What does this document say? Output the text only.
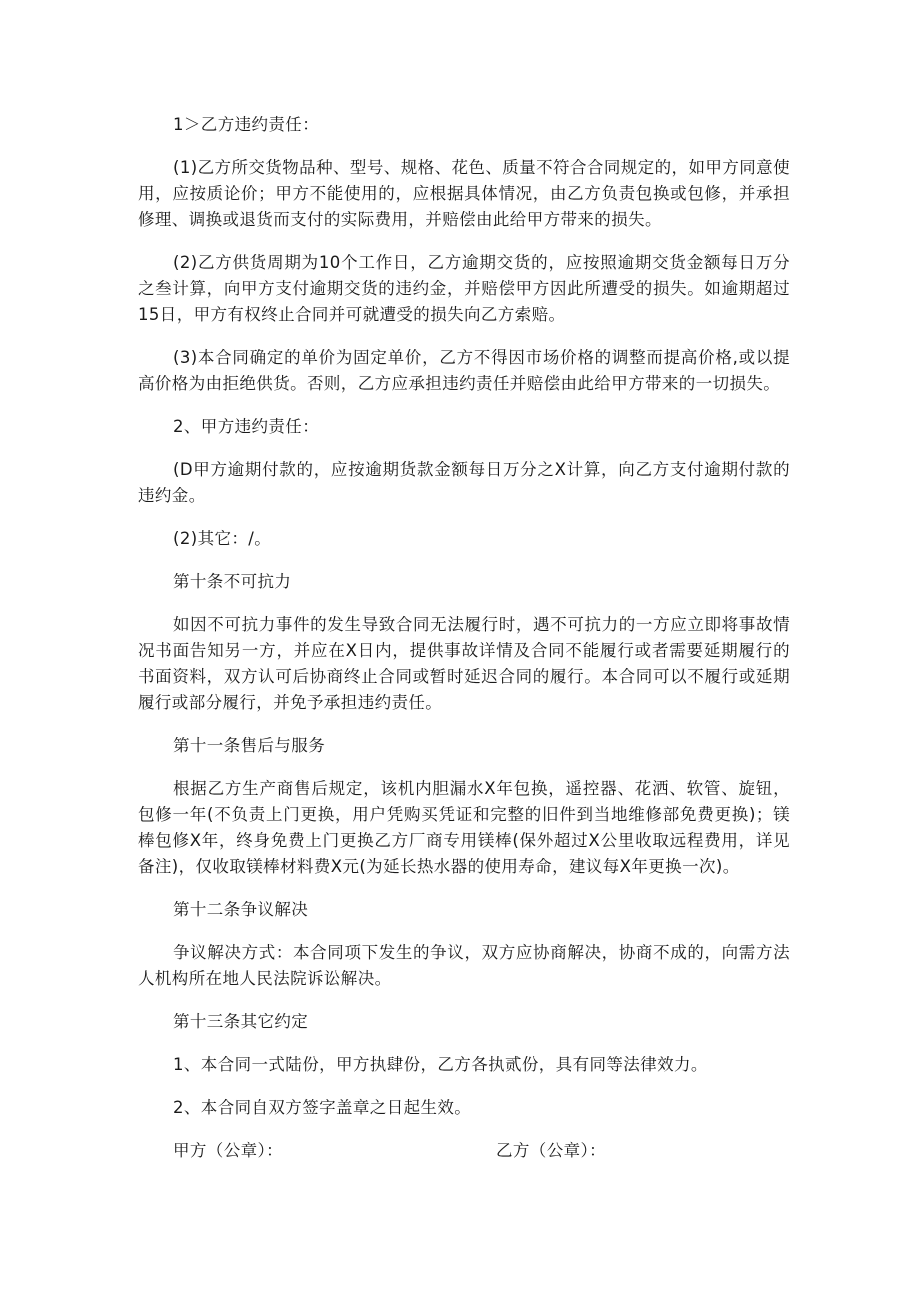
1＞乙方违约责任：

(1)乙方所交货物品种、型号、规格、花色、质量不符合合同规定的，如甲方同意使用，应按质论价；甲方不能使用的，应根据具体情况，由乙方负责包换或包修，并承担修理、调换或退货而支付的实际费用，并赔偿由此给甲方带来的损失。

(2)乙方供货周期为10个工作日，乙方逾期交货的，应按照逾期交货金额每日万分之叁计算，向甲方支付逾期交货的违约金，并赔偿甲方因此所遭受的损失。如逾期超过15日，甲方有权终止合同并可就遭受的损失向乙方索赔。

(3)本合同确定的单价为固定单价，乙方不得因市场价格的调整而提高价格,或以提高价格为由拒绝供货。否则，乙方应承担违约责任并赔偿由此给甲方带来的一切损失。

2、甲方违约责任：

(D甲方逾期付款的，应按逾期货款金额每日万分之X计算，向乙方支付逾期付款的违约金。

(2)其它：/。

第十条不可抗力

如因不可抗力事件的发生导致合同无法履行时，遇不可抗力的一方应立即将事故情况书面告知另一方，并应在X日内，提供事故详情及合同不能履行或者需要延期履行的书面资料，双方认可后协商终止合同或暂时延迟合同的履行。本合同可以不履行或延期履行或部分履行，并免予承担违约责任。

第十一条售后与服务

根据乙方生产商售后规定，该机内胆漏水X年包换，遥控器、花洒、软管、旋钮，包修一年(不负责上门更换，用户凭购买凭证和完整的旧件到当地维修部免费更换)；镁棒包修X年，终身免费上门更换乙方厂商专用镁棒(保外超过X公里收取远程费用，详见备注)，仅收取镁棒材料费X元(为延长热水器的使用寿命，建议每X年更换一次)。

第十二条争议解决

争议解决方式：本合同项下发生的争议，双方应协商解决，协商不成的，向需方法人机构所在地人民法院诉讼解决。

第十三条其它约定

1、本合同一式陆份，甲方执肆份，乙方各执贰份，具有同等法律效力。

2、本合同自双方签字盖章之日起生效。

甲方（公章）：	乙方（公章）：
